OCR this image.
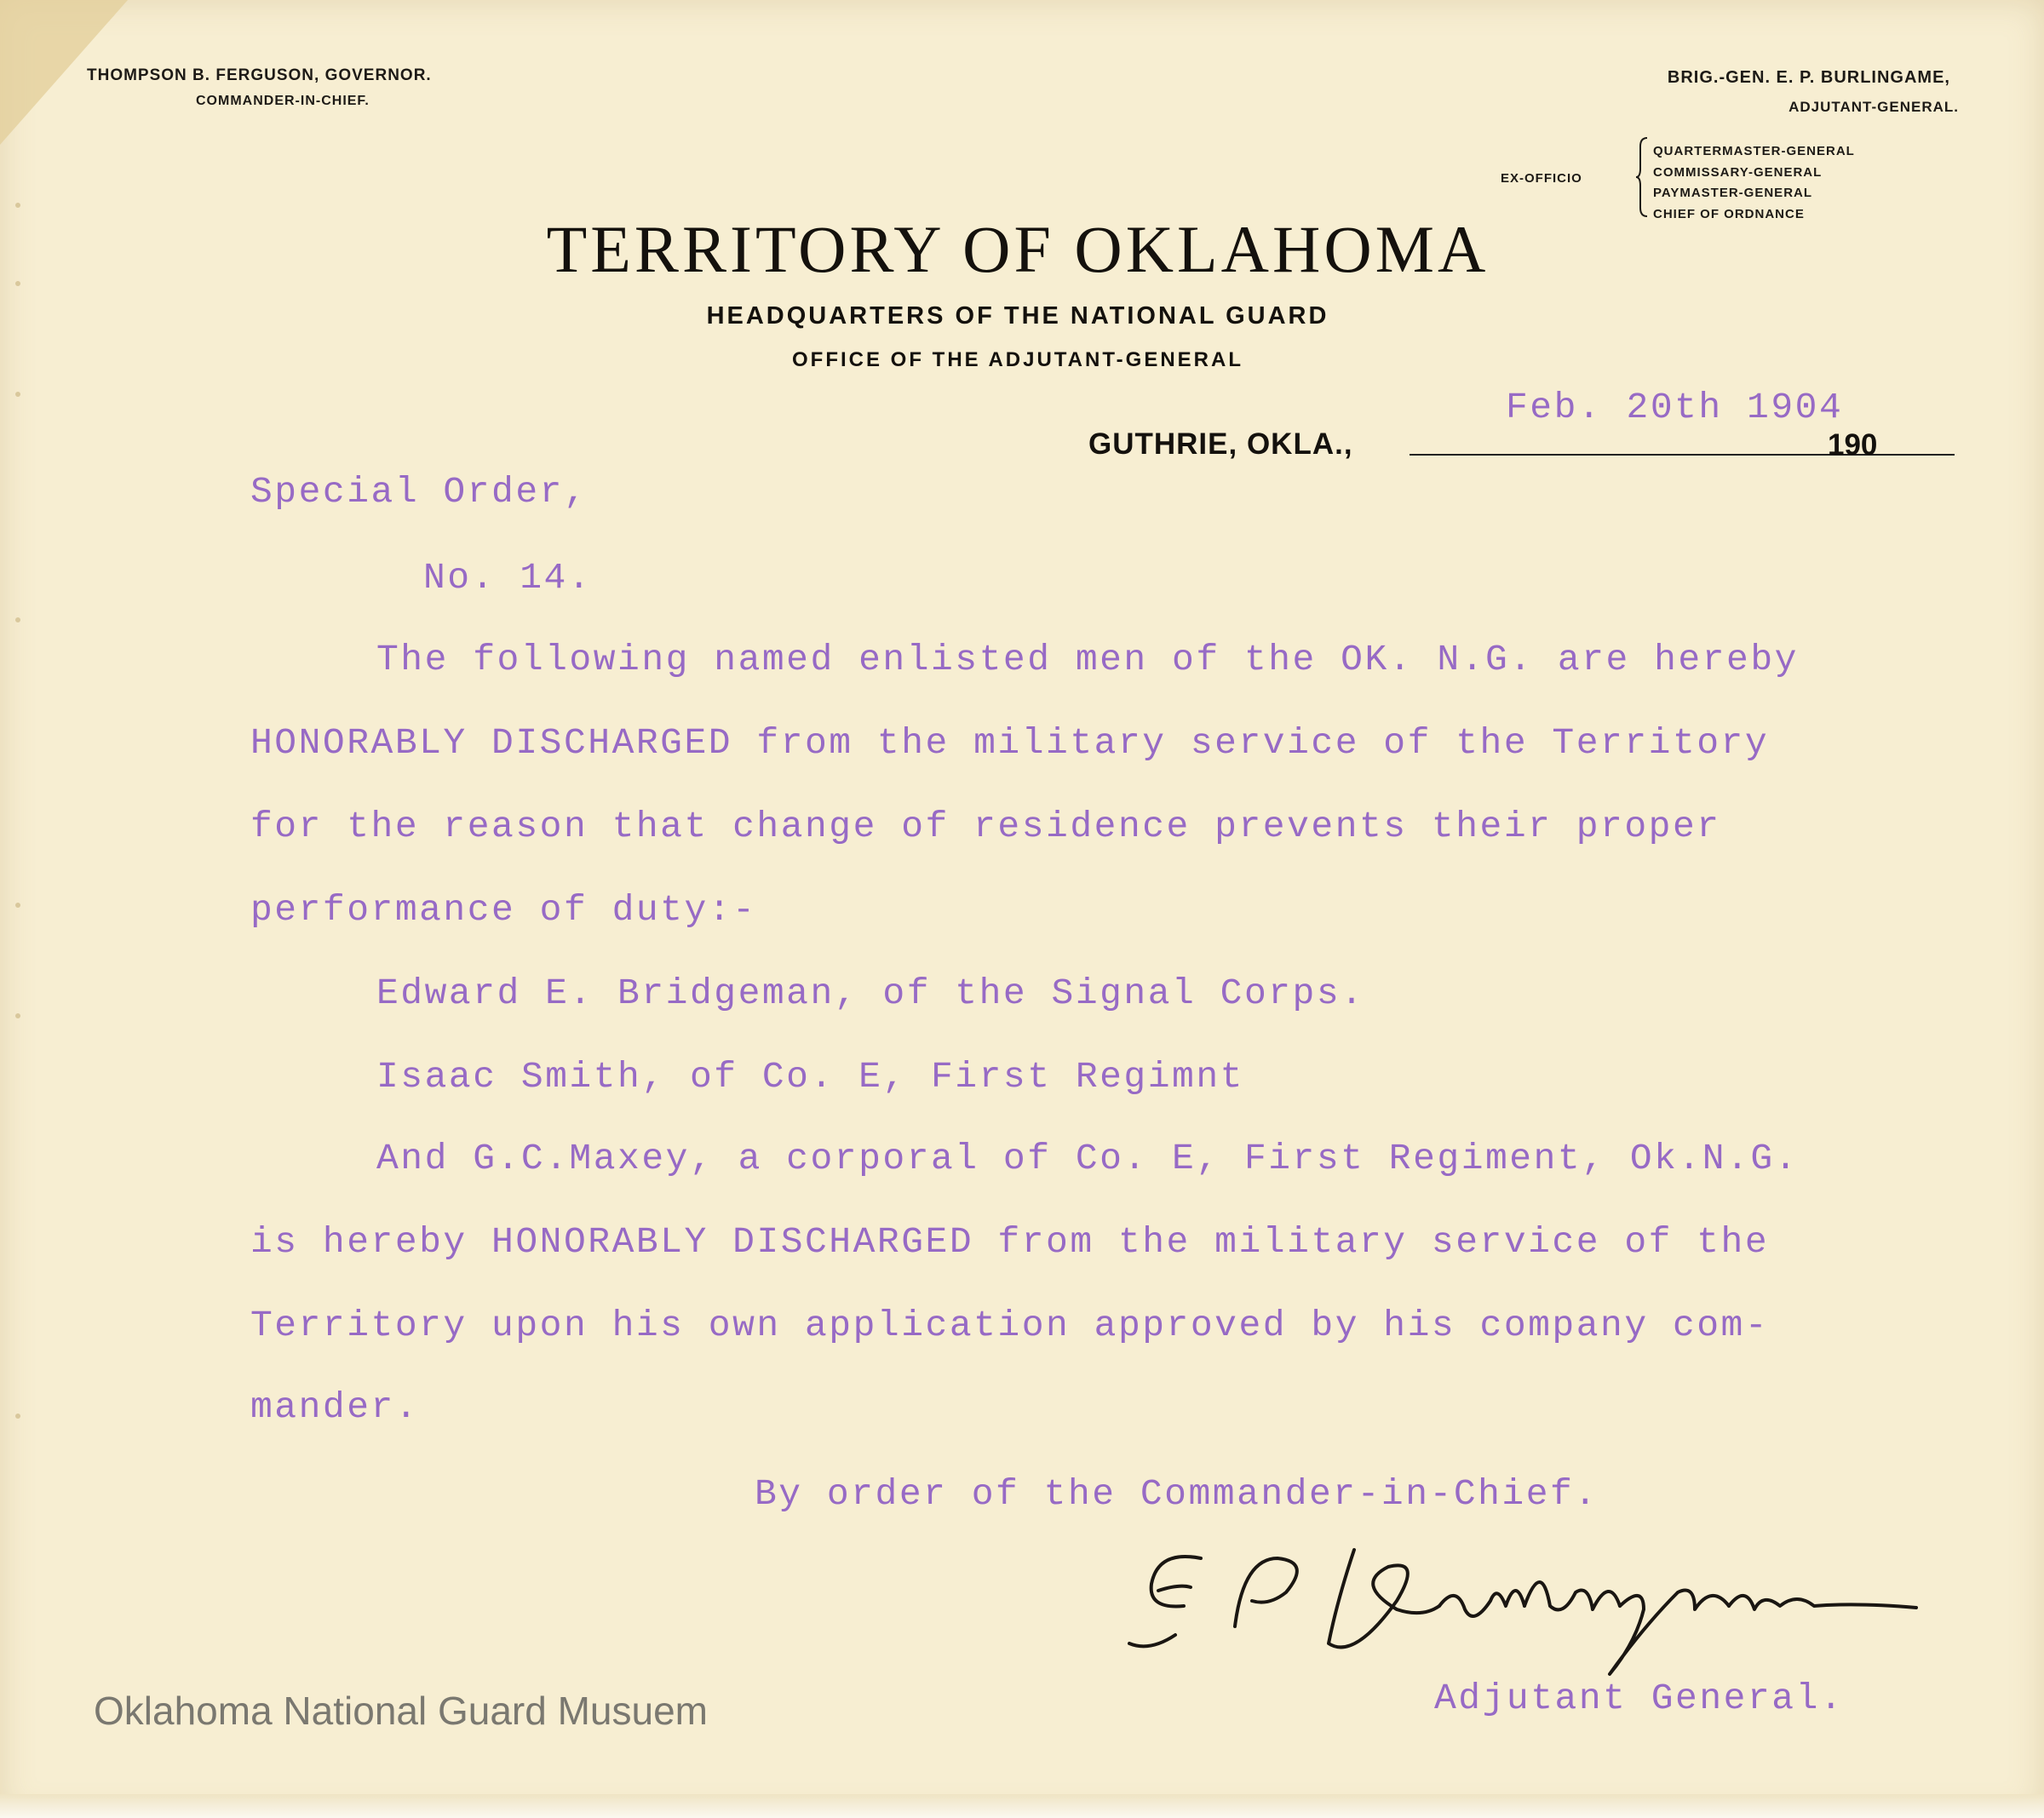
THOMPSON B. FERGUSON, GOVERNOR.
COMMANDER-IN-CHIEF.
BRIG.-GEN. E. P. BURLINGAME,
ADJUTANT-GENERAL.
EX-OFFICIO
QUARTERMASTER-GENERAL
COMMISSARY-GENERAL
PAYMASTER-GENERAL
CHIEF OF ORDNANCE
TERRITORY OF OKLAHOMA
HEADQUARTERS OF THE NATIONAL GUARD
OFFICE OF THE ADJUTANT-GENERAL
Feb. 20th 1904
GUTHRIE, OKLA.,	190
Special Order,
No. 14.
The following named enlisted men of the OK. N.G. are hereby
HONORABLY DISCHARGED from the military service of the Territory
for the reason that change of residence prevents their proper
performance of duty:-
Edward E. Bridgeman, of the Signal Corps.
Isaac Smith, of Co. E, First Regimnt
And G.C.Maxey, a corporal of Co. E, First Regiment, Ok.N.G.
is hereby HONORABLY DISCHARGED from the military service of the
Territory upon his own application approved by his company com-
mander.
By order of the Commander-in-Chief.
Adjutant General.
Oklahoma National Guard Musuem
